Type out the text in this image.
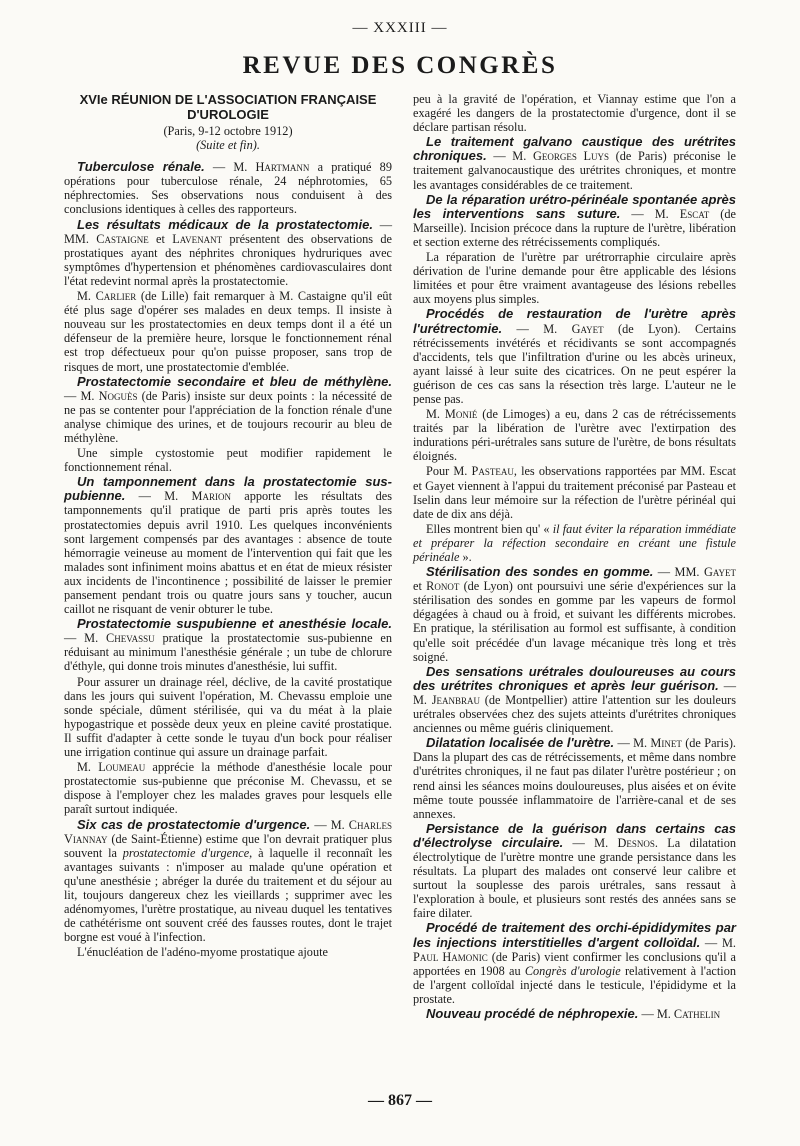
— XXXIII —
REVUE DES CONGRÈS
XVIe RÉUNION DE L'ASSOCIATION FRANÇAISE
D'UROLOGIE
(Paris, 9-12 octobre 1912)
(Suite et fin).

Tuberculose rénale. — M. Hartmann a pratiqué 89 opérations pour tuberculose rénale, 24 néphrotomies, 65 néphrectomies. Ses observations nous conduisent à des conclusions identiques à celles des rapporteurs.

Les résultats médicaux de la prostatectomie. — MM. Castaigne et Lavenant présentent des observations de prostatiques ayant des néphrites chroniques hydruriques avec symptômes d'hypertension et phénomènes cardiovasculaires dont l'état redevint normal après la prostatectomie.

M. Carlier (de Lille) fait remarquer à M. Castaigne qu'il eût été plus sage d'opérer ses malades en deux temps. Il insiste à nouveau sur les prostatectomies en deux temps dont il a été un défenseur de la première heure, lorsque le fonctionnement rénal est trop défectueux pour qu'on puisse proposer, sans trop de risques de mort, une prostatectomie d'emblée.

Prostatectomie secondaire et bleu de méthylène. — M. Noguès (de Paris) insiste sur deux points : la nécessité de ne pas se contenter pour l'appréciation de la fonction rénale d'une analyse chimique des urines, et de toujours recourir au bleu de méthylène.

Une simple cystostomie peut modifier rapidement le fonctionnement rénal.

Un tamponnement dans la prostatectomie sus-pubienne. — M. Marion apporte les résultats des tamponnements qu'il pratique de parti pris après toutes les prostatectomies depuis avril 1910. Les quelques inconvénients sont largement compensés par des avantages : absence de toute hémorragie veineuse au moment de l'intervention qui fait que les malades sont infiniment moins abattus et en état de mieux résister aux incidents de l'incontinence ; possibilité de laisser le premier pansement pendant trois ou quatre jours sans y toucher, aucun caillot ne risquant de venir obturer le tube.

Prostatectomie suspubienne et anesthésie locale. — M. Chevassu pratique la prostatectomie sus-pubienne en réduisant au minimum l'anesthésie générale ; un tube de chlorure d'éthyle, qui donne trois minutes d'anesthésie, lui suffit.

Pour assurer un drainage réel, déclive, de la cavité prostatique dans les jours qui suivent l'opération, M. Chevassu emploie une sonde spéciale, dûment stérilisée, qui va du méat à la plaie hypogastrique et possède deux yeux en pleine cavité prostatique. Il suffit d'adapter à cette sonde le tuyau d'un bock pour réaliser une irrigation continue qui assure un drainage parfait.

M. Loumeau apprécie la méthode d'anesthésie locale pour prostatectomie sus-pubienne que préconise M. Chevassu, et se dispose à l'employer chez les malades graves pour lesquels elle paraît surtout indiquée.

Six cas de prostatectomie d'urgence. — M. Charles Viannay (de Saint-Étienne) estime que l'on devrait pratiquer plus souvent la prostatectomie d'urgence, à laquelle il reconnaît les avantages suivants : n'imposer au malade qu'une opération et qu'une anesthésie ; abréger la durée du traitement et du séjour au lit, toujours dangereux chez les vieillards ; supprimer avec les adénomyomes, l'urètre prostatique, au niveau duquel les tentatives de cathétérisme ont souvent créé des fausses routes, dont le trajet borgne est voué à l'infection.

L'énucléation de l'adéno-myome prostatique ajoute

peu à la gravité de l'opération, et Viannay estime que l'on a exagéré les dangers de la prostatectomie d'urgence, dont il se déclare partisan résolu.

Le traitement galvano caustique des urétrites chroniques. — M. Georges Luys (de Paris) préconise le traitement galvanocaustique des urétrites chroniques, et montre les avantages considérables de ce traitement.

De la réparation urétro-périnéale spontanée après les interventions sans suture. — M. Escat (de Marseille). Incision précoce dans la rupture de l'urètre, libération et section externe des rétrécissements compliqués.

La réparation de l'urètre par urétrorraphie circulaire après dérivation de l'urine demande pour être applicable des lésions limitées et pour être vraiment avantageuse des lésions rebelles aux moyens plus simples.

Procédés de restauration de l'urètre après l'urétrectomie. — M. Gayet (de Lyon). Certains rétrécissements invétérés et récidivants se sont accompagnés d'accidents, tels que l'infiltration d'urine ou les abcès urineux, ayant laissé à leur suite des cicatrices. On ne peut espérer la guérison de ces cas sans la résection très large. L'auteur ne le pense pas.

M. Monié (de Limoges) a eu, dans 2 cas de rétrécissements traités par la libération de l'urètre avec l'extirpation des indurations péri-urétrales sans suture de l'urètre, de bons résultats éloignés.

Pour M. Pasteau, les observations rapportées par MM. Escat et Gayet viennent à l'appui du traitement préconisé par Pasteau et Iselin dans leur mémoire sur la réfection de l'urètre périnéal qui date de dix ans déjà.

Elles montrent bien qu' « il faut éviter la réparation immédiate et préparer la réfection secondaire en créant une fistule périnéale ».

Stérilisation des sondes en gomme. — MM. Gayet et Ronot (de Lyon) ont poursuivi une série d'expériences sur la stérilisation des sondes en gomme par les vapeurs de formol dégagées à chaud ou à froid, et suivant les différents microbes. En pratique, la stérilisation au formol est suffisante, à condition qu'elle soit précédée d'un lavage mécanique très long et très soigné.

Des sensations urétrales douloureuses au cours des urétrites chroniques et après leur guérison. — M. Jeanbrau (de Montpellier) attire l'attention sur les douleurs urétrales observées chez des sujets atteints d'urétrites chroniques anciennes ou même guéris cliniquement.

Dilatation localisée de l'urètre. — M. Minet (de Paris). Dans la plupart des cas de rétrécissements, et même dans nombre d'urétrites chroniques, il ne faut pas dilater l'urètre postérieur ; on rend ainsi les séances moins douloureuses, plus aisées et on évite même toute poussée inflammatoire de l'arrière-canal et de ses annexes.

Persistance de la guérison dans certains cas d'électrolyse circulaire. — M. Desnos. La dilatation électrolytique de l'urètre montre une grande persistance dans les résultats. La plupart des malades ont conservé leur calibre et surtout la souplesse des parois urétrales, sans ressaut à l'exploration à boule, et plusieurs sont restés des années sans se faire dilater.

Procédé de traitement des orchi-épididymites par les injections interstitielles d'argent colloïdal. — M. Paul Hamonic (de Paris) vient confirmer les conclusions qu'il a apportées en 1908 au Congrès d'urologie relativement à l'action de l'argent colloïdal injecté dans le testicule, l'épididyme et la prostate.

Nouveau procédé de néphropexie. — M. Cathelin

— 867 —
